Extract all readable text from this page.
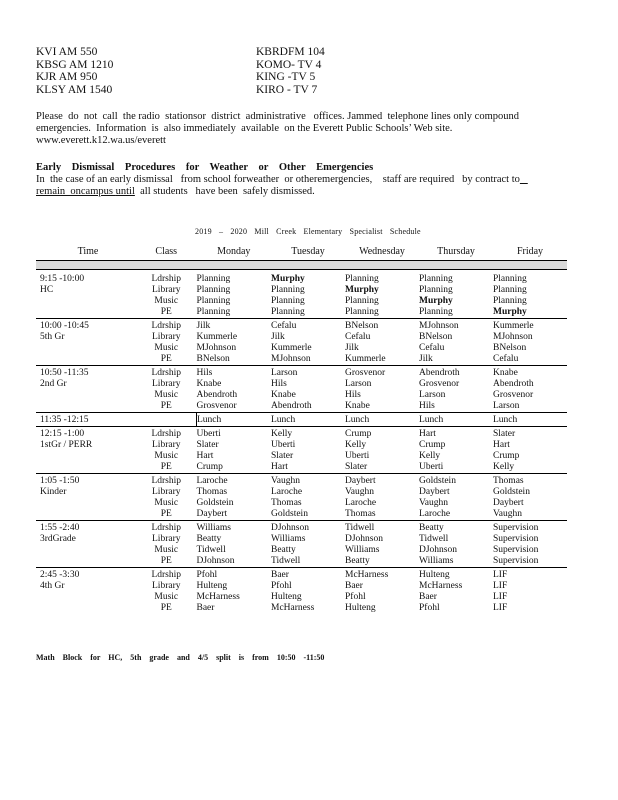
KVI AM 550
KBSG AM 1210
KJR AM 950
KLSY AM 1540
KBRDFM 104
KOMO- TV 4
KING -TV 5
KIRO - TV 7
Please  do  not  call  the radio  stationsor  district  administrative   offices. Jammed  telephone lines only compound
emergencies.  Information  is  also immediately  available  on the Everett Public Schools’ Web site.
www.everett.k12.wa.us/everett
Early Dismissal Procedures for Weather or Other Emergencies
In  the case of an early dismissal   from school forweather  or otheremergencies,    staff are required   by contract to
remain  oncampus until  all students   have been  safely dismissed.
2019 – 2020 Mill Creek Elementary Specialist Schedule
Time	Class	Monday	Tuesday	Wednesday	Thursday	Friday

9:15 -10:00	Ldrship	Planning	Murphy	Planning	Planning	Planning
HC	Library	Planning	Planning	Murphy	Planning	Planning
	Music	Planning	Planning	Planning	Murphy	Planning
	PE	Planning	Planning	Planning	Planning	Murphy
10:00 -10:45	Ldrship	Jilk	Cefalu	BNelson	MJohnson	Kummerle
5th Gr	Library	Kummerle	Jilk	Cefalu	BNelson	MJohnson
	Music	MJohnson	Kummerle	Jilk	Cefalu	BNelson
	PE	BNelson	MJohnson	Kummerle	Jilk	Cefalu
10:50 -11:35	Ldrship	Hils	Larson	Grosvenor	Abendroth	Knabe
2nd Gr	Library	Knabe	Hils	Larson	Grosvenor	Abendroth
	Music	Abendroth	Knabe	Hils	Larson	Grosvenor
	PE	Grosvenor	Abendroth	Knabe	Hils	Larson
11:35 -12:15		Lunch	Lunch	Lunch	Lunch	Lunch
12:15 -1:00	Ldrship	Uberti	Kelly	Crump	Hart	Slater
1stGr / PERR	Library	Slater	Uberti	Kelly	Crump	Hart
	Music	Hart	Slater	Uberti	Kelly	Crump
	PE	Crump	Hart	Slater	Uberti	Kelly
1:05 -1:50	Ldrship	Laroche	Vaughn	Daybert	Goldstein	Thomas
Kinder	Library	Thomas	Laroche	Vaughn	Daybert	Goldstein
	Music	Goldstein	Thomas	Laroche	Vaughn	Daybert
	PE	Daybert	Goldstein	Thomas	Laroche	Vaughn
1:55 -2:40	Ldrship	Williams	DJohnson	Tidwell	Beatty	Supervision
3rdGrade	Library	Beatty	Williams	DJohnson	Tidwell	Supervision
	Music	Tidwell	Beatty	Williams	DJohnson	Supervision
	PE	DJohnson	Tidwell	Beatty	Williams	Supervision
2:45 -3:30	Ldrship	Pfohl	Baer	McHarness	Hulteng	LIF
4th Gr	Library	Hulteng	Pfohl	Baer	McHarness	LIF
	Music	McHarness	Hulteng	Pfohl	Baer	LIF
	PE	Baer	McHarness	Hulteng	Pfohl	LIF
Math Block for HC, 5th grade and 4/5 split is from 10:50 -11:50
